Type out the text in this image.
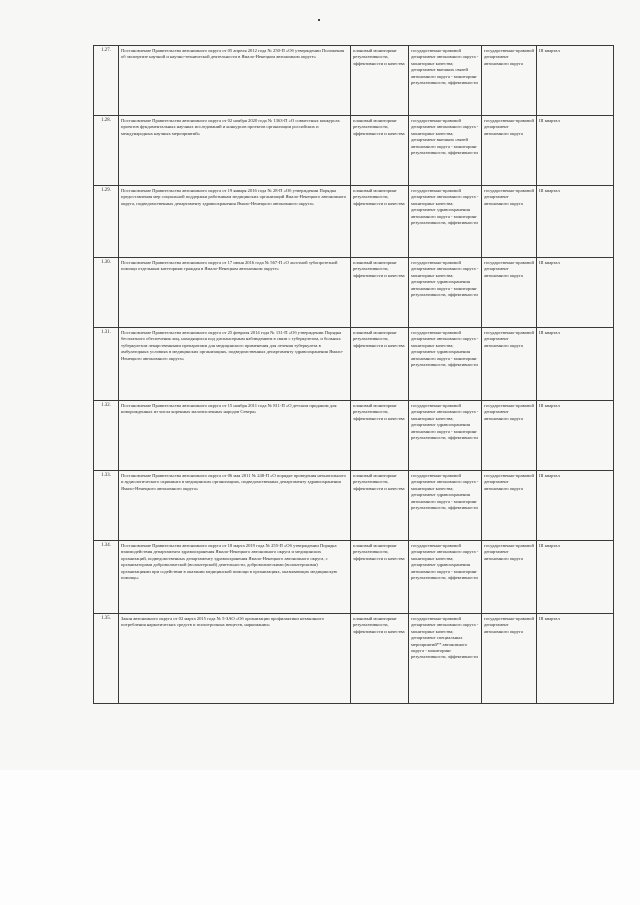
1.27.	Постановление Правительства автономного округа от 05 апреля 2012 года № 250-П «Об утверждении Положения об экспертизе научной и научно-технической деятельности в Ямало-Ненецком автономном округе»	плановый мониторинг результативности, эффективности и качества	государственно-правовой департамент автономного округа - мониторинг качества; департамент внешних связей автономного округа - мониторинг результативности, эффективности	государственно-правовой департамент автономного округа	III квартал
1.28.	Постановление Правительства автономного округа от 02 ноября 2020 года № 1363-П «О совместных конкурсах проектов фундаментальных научных исследований и конкурсов проектов организации российских и международных научных мероприятий»	плановый мониторинг результативности, эффективности и качества	государственно-правовой департамент автономного округа - мониторинг качества; департамент внешних связей автономного округа - мониторинг результативности, эффективности	государственно-правовой департамент автономного округа	III квартал
1.29.	Постановление Правительства автономного округа от 19 января 2016 года № 28-П «Об утверждении Порядка предоставления мер социальной поддержки работникам медицинских организаций Ямало-Ненецкого автономного округа, подведомственных департаменту здравоохранения Ямало-Ненецкого автономного округа»	плановый мониторинг результативности, эффективности и качества	государственно-правовой департамент автономного округа - мониторинг качества; департамент здравоохранения автономного округа - мониторинг результативности, эффективности	государственно-правовой департамент автономного округа	III квартал
1.30.	Постановление Правительства автономного округа от 17 июня 2016 года № 567-П «О льготной зубопротезной помощи отдельным категориям граждан в Ямало-Ненецком автономном округе»	плановый мониторинг результативности, эффективности и качества	государственно-правовой департамент автономного округа - мониторинг качества; департамент здравоохранения автономного округа - мониторинг результативности, эффективности	государственно-правовой департамент автономного округа	III квартал
1.31.	Постановление Правительства автономного округа от 25 февраля 2014 года № 131-П «Об утверждении Порядка бесплатного обеспечения лиц, находящихся под диспансерным наблюдением в связи с туберкулезом, и больных туберкулезом лекарственными препаратами для медицинского применения для лечения туберкулеза в амбулаторных условиях в медицинских организациях, подведомственных департаменту здравоохранения Ямало-Ненецкого автономного округа»	плановый мониторинг результативности, эффективности и качества	государственно-правовой департамент автономного округа - мониторинг качества; департамент здравоохранения автономного округа - мониторинг результативности, эффективности	государственно-правовой департамент автономного округа	III квартал
1.32.	Постановление Правительства автономного округа от 15 ноября 2011 года № 811-П «О детском приданом для новорожденных из числа коренных малочисленных народов Севера»	плановый мониторинг результативности, эффективности и качества	государственно-правовой департамент автономного округа - мониторинг качества; департамент здравоохранения автономного округа - мониторинг результативности, эффективности	государственно-правовой департамент автономного округа	III квартал
1.33.	Постановление Правительства автономного округа от 06 мая 2011 № 248-П «О порядке проведения неонатального и аудиологического скрининга в медицинских организациях, подведомственных департаменту здравоохранения Ямало-Ненецкого автономного округа»	плановый мониторинг результативности, эффективности и качества	государственно-правовой департамент автономного округа - мониторинг качества; департамент здравоохранения автономного округа - мониторинг результативности, эффективности	государственно-правовой департамент автономного округа	III квартал
1.34.	Постановление Правительства автономного округа от 18 марта 2019 года № 255-П «Об утверждении Порядка взаимодействия департамента здравоохранения Ямало-Ненецкого автономного округа и медицинских организаций, подведомственных департаменту здравоохранения Ямало-Ненецкого автономного округа, с организаторами добровольческой (волонтерской) деятельности, добровольческими (волонтерскими) организациями при содействии в оказании медицинской помощи в организациях, оказывающих медицинскую помощь»	плановый мониторинг результативности, эффективности и качества	государственно-правовой департамент автономного округа - мониторинг качества; департамент здравоохранения автономного округа - мониторинг результативности, эффективности	государственно-правовой департамент автономного округа	III квартал
1.35.	Закон автономного округа от 02 марта 2015 года № 5-ЗАО «Об организации профилактики незаконного потребления наркотических средств и психотропных веществ, наркомании»	плановый мониторинг результативности, эффективности и качества	государственно-правовой департамент автономного округа - мониторинг качества; департамент специальных мероприятий** автономного округа - мониторинг результативности, эффективности	государственно-правовой департамент автономного округа	III квартал
